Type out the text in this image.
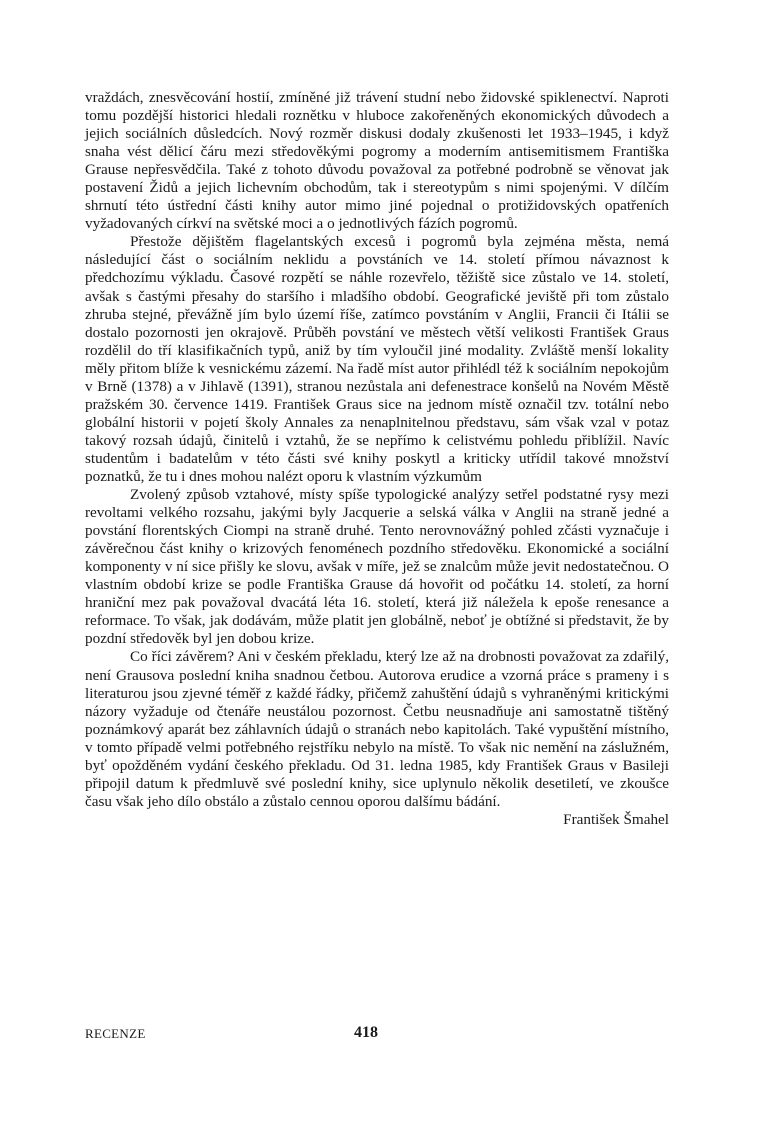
vraždách, znesvěcování hostií, zmíněné již trávení studní nebo židovské spiklenectví. Naproti tomu pozdější historici hledali roznětku v hluboce zakořeněných ekonomických důvodech a jejich sociálních důsledcích. Nový rozměr diskusi dodaly zkušenosti let 1933–1945, i když snaha vést dělicí čáru mezi středověkými pogromy a moderním antisemitismem Františka Grause nepřesvědčila. Také z tohoto důvodu považoval za potřebné podrobně se věnovat jak postavení Židů a jejich lichevním obchodům, tak i stereotypům s nimi spojenými. V dílčím shrnutí této ústřední části knihy autor mimo jiné pojednal o protižidovských opatřeních vyžadovaných církví na světské moci a o jednotlivých fázích pogromů.

Přestože dějištěm flagelantských excesů i pogromů byla zejména města, nemá následující část o sociálním neklidu a povstáních ve 14. století přímou návaznost k předchozímu výkladu. Časové rozpětí se náhle rozevřelo, těžiště sice zůstalo ve 14. století, avšak s častými přesahy do staršího i mladšího období. Geografické jeviště při tom zůstalo zhruba stejné, převážně jím bylo území říše, zatímco povstáním v Anglii, Francii či Itálii se dostalo pozornosti jen okrajově. Průběh povstání ve městech větší velikosti František Graus rozdělil do tří klasifikačních typů, aniž by tím vyloučil jiné modality. Zvláště menší lokality měly přitom blíže k vesnickému zázemí. Na řadě míst autor přihlédl též k sociálním nepokojům v Brně (1378) a v Jihlavě (1391), stranou nezůstala ani defenestrace konšelů na Novém Městě pražském 30. července 1419. František Graus sice na jednom místě označil tzv. totální nebo globální historii v pojetí školy Annales za nenaplnitelnou představu, sám však vzal v potaz takový rozsah údajů, činitelů i vztahů, že se nepřímo k celistvému pohledu přiblížil. Navíc studentům i badatelům v této části své knihy poskytl a kriticky utřídil takové množství poznatků, že tu i dnes mohou nalézt oporu k vlastním výzkumům

Zvolený způsob vztahové, místy spíše typologické analýzy setřel podstatné rysy mezi revoltami velkého rozsahu, jakými byly Jacquerie a selská válka v Anglii na straně jedné a povstání florentských Ciompi na straně druhé. Tento nerovnovážný pohled zčásti vyznačuje i závěrečnou část knihy o krizových fenoménech pozdního středověku. Ekonomické a sociální komponenty v ní sice přišly ke slovu, avšak v míře, jež se znalcům může jevit nedostatečnou. O vlastním období krize se podle Františka Grause dá hovořit od počátku 14. století, za horní hraniční mez pak považoval dvacátá léta 16. století, která již náležela k epoše renesance a reformace. To však, jak dodávám, může platit jen globálně, neboť je obtížné si představit, že by pozdní středověk byl jen dobou krize.

Co říci závěrem? Ani v českém překladu, který lze až na drobnosti považovat za zdařilý, není Grausova poslední kniha snadnou četbou. Autorova erudice a vzorná práce s prameny i s literaturou jsou zjevné téměř z každé řádky, přičemž zahuštění údajů s vyhraněnými kritickými názory vyžaduje od čtenáře neustálou pozornost. Četbu neusnadňuje ani samostatně tištěný poznámkový aparát bez záhlavních údajů o stranách nebo kapitolách. Také vypuštění místního, v tomto případě velmi potřebného rejstříku nebylo na místě. To však nic nemění na záslužném, byť opožděném vydání českého překladu. Od 31. ledna 1985, kdy František Graus v Basileji připojil datum k předmluvě své poslední knihy, sice uplynulo několik desetiletí, ve zkoušce času však jeho dílo obstálo a zůstalo cennou oporou dalšímu bádání.

František Šmahel

RECENZE	418
